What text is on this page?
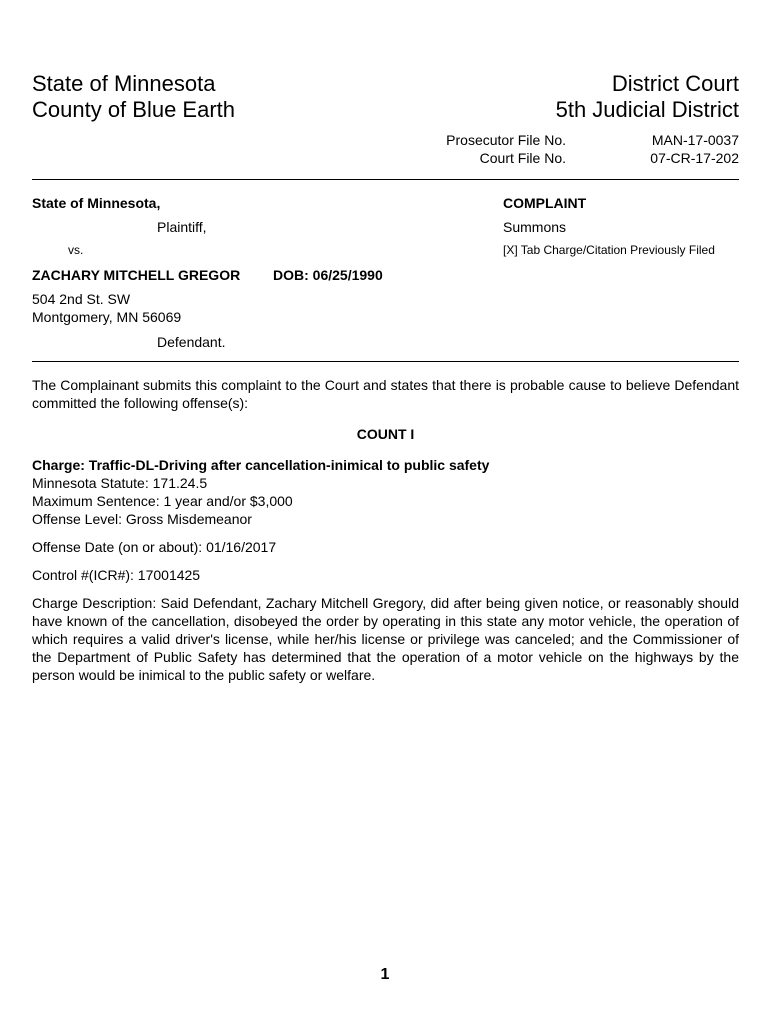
State of Minnesota
County of Blue Earth
District Court
5th Judicial District
Prosecutor File No.
Court File No.
MAN-17-0037
07-CR-17-202
State of Minnesota,
Plaintiff,
vs.
ZACHARY MITCHELL GREGOR DOB: 06/25/1990
504 2nd St. SW
Montgomery, MN 56069
Defendant.
COMPLAINT
Summons
[X] Tab Charge/Citation Previously Filed
The Complainant submits this complaint to the Court and states that there is probable cause to believe Defendant committed the following offense(s):
COUNT I
Charge: Traffic-DL-Driving after cancellation-inimical to public safety
Minnesota Statute: 171.24.5
Maximum Sentence: 1 year and/or $3,000
Offense Level: Gross Misdemeanor
Offense Date (on or about): 01/16/2017
Control #(ICR#): 17001425
Charge Description: Said Defendant, Zachary Mitchell Gregory, did after being given notice, or reasonably should have known of the cancellation, disobeyed the order by operating in this state any motor vehicle, the operation of which requires a valid driver's license, while her/his license or privilege was canceled; and the Commissioner of the Department of Public Safety has determined that the operation of a motor vehicle on the highways by the person would be inimical to the public safety or welfare.
1
